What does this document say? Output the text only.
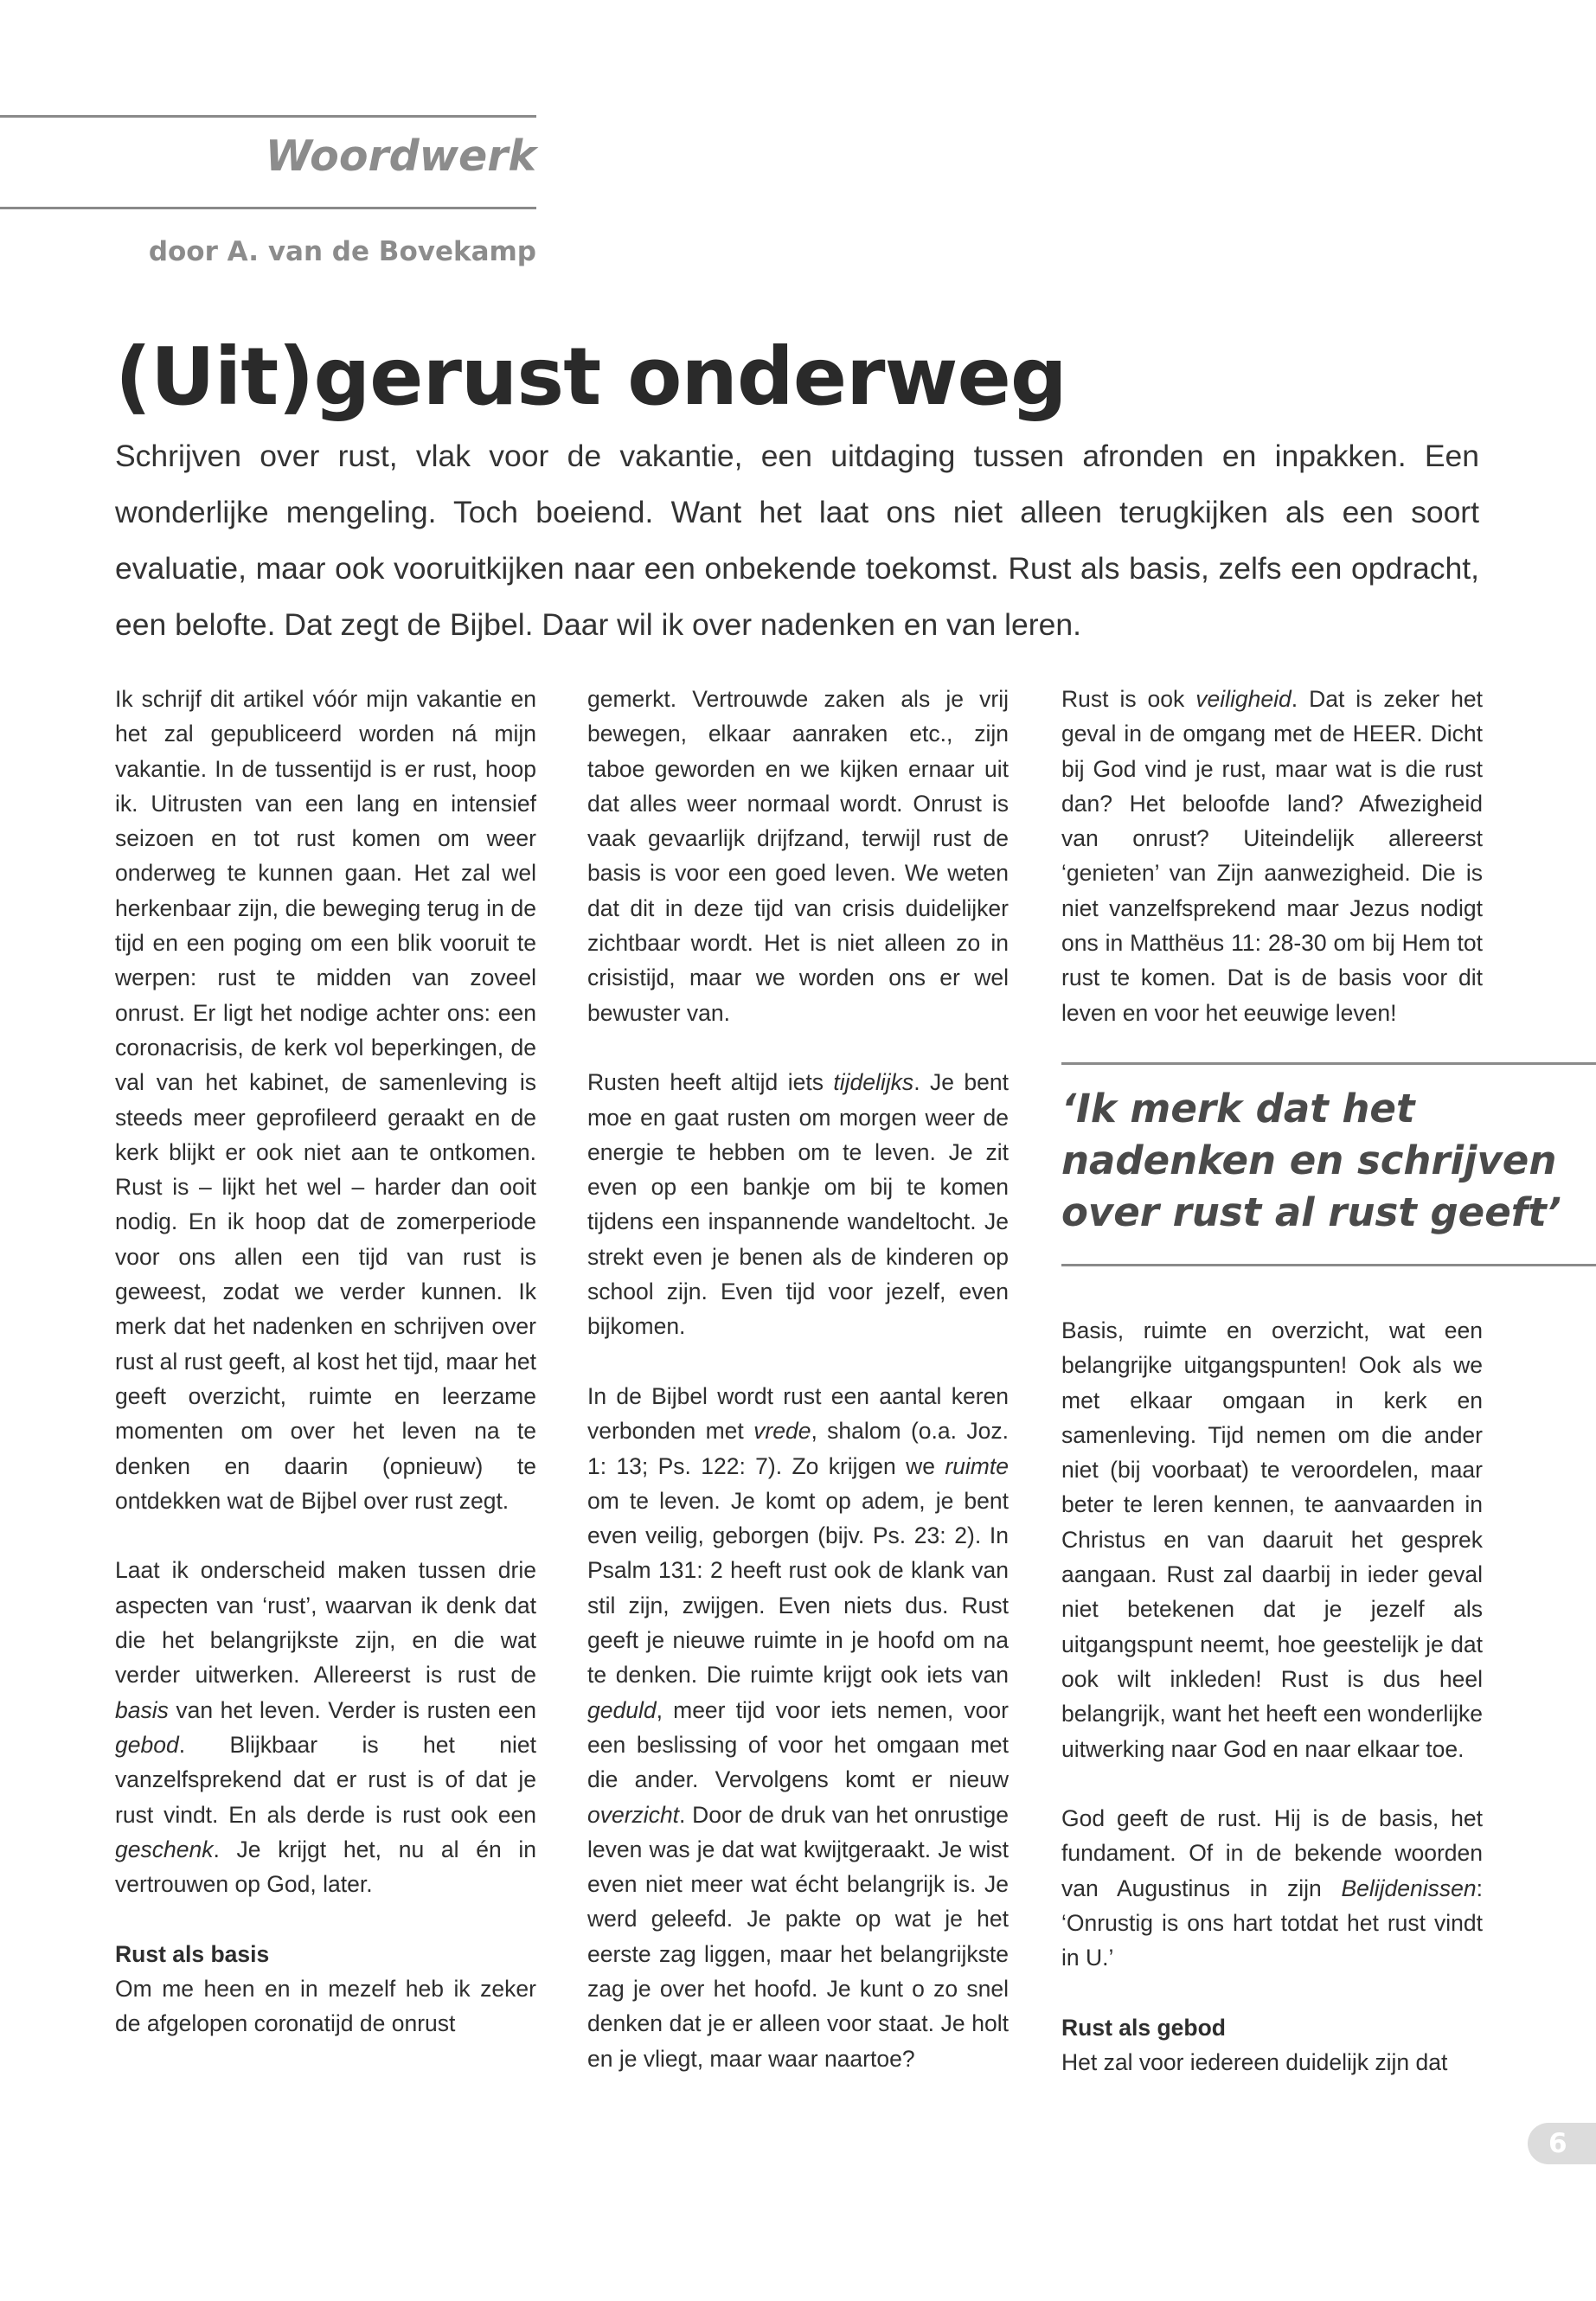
Woordwerk
door A. van de Bovekamp
(Uit)gerust onderweg

Schrijven over rust, vlak voor de vakantie, een uitdaging tussen afronden en inpakken. Een wonderlijke mengeling. Toch boeiend. Want het laat ons niet alleen terugkijken als een soort evaluatie, maar ook vooruitkijken naar een onbekende toekomst. Rust als basis, zelfs een opdracht, een belofte. Dat zegt de Bijbel. Daar wil ik over nadenken en van leren.

Ik schrijf dit artikel vóór mijn vakantie en het zal gepubliceerd worden ná mijn vakantie. In de tussentijd is er rust, hoop ik. Uitrusten van een lang en intensief seizoen en tot rust komen om weer onderweg te kunnen gaan. Het zal wel herkenbaar zijn, die beweging terug in de tijd en een poging om een blik vooruit te werpen: rust te midden van zoveel onrust. Er ligt het nodige achter ons: een coronacrisis, de kerk vol beperkingen, de val van het kabinet, de samenleving is steeds meer geprofileerd geraakt en de kerk blijkt er ook niet aan te ontkomen. Rust is – lijkt het wel – harder dan ooit nodig. En ik hoop dat de zomerperiode voor ons allen een tijd van rust is geweest, zodat we verder kunnen. Ik merk dat het nadenken en schrijven over rust al rust geeft, al kost het tijd, maar het geeft overzicht, ruimte en leerzame momenten om over het leven na te denken en daarin (opnieuw) te ontdekken wat de Bijbel over rust zegt.

Laat ik onderscheid maken tussen drie aspecten van ‘rust’, waarvan ik denk dat die het belangrijkste zijn, en die wat verder uitwerken. Allereerst is rust de basis van het leven. Verder is rusten een gebod. Blijkbaar is het niet vanzelfsprekend dat er rust is of dat je rust vindt. En als derde is rust ook een geschenk. Je krijgt het, nu al én in vertrouwen op God, later.

Rust als basis

Om me heen en in mezelf heb ik zeker de afgelopen coronatijd de onrust

gemerkt. Vertrouwde zaken als je vrij bewegen, elkaar aanraken etc., zijn taboe geworden en we kijken ernaar uit dat alles weer normaal wordt. Onrust is vaak gevaarlijk drijfzand, terwijl rust de basis is voor een goed leven. We weten dat dit in deze tijd van crisis duidelijker zichtbaar wordt. Het is niet alleen zo in crisistijd, maar we worden ons er wel bewuster van.

Rusten heeft altijd iets tijdelijks. Je bent moe en gaat rusten om morgen weer de energie te hebben om te leven. Je zit even op een bankje om bij te komen tijdens een inspannende wandeltocht. Je strekt even je benen als de kinderen op school zijn. Even tijd voor jezelf, even bijkomen.

In de Bijbel wordt rust een aantal keren verbonden met vrede, shalom (o.a. Joz. 1: 13; Ps. 122: 7). Zo krijgen we ruimte om te leven. Je komt op adem, je bent even veilig, geborgen (bijv. Ps. 23: 2). In Psalm 131: 2 heeft rust ook de klank van stil zijn, zwijgen. Even niets dus. Rust geeft je nieuwe ruimte in je hoofd om na te denken. Die ruimte krijgt ook iets van geduld, meer tijd voor iets nemen, voor een beslissing of voor het omgaan met die ander. Vervolgens komt er nieuw overzicht. Door de druk van het onrustige leven was je dat wat kwijtgeraakt. Je wist even niet meer wat écht belangrijk is. Je werd geleefd. Je pakte op wat je het eerste zag liggen, maar het belangrijkste zag je over het hoofd. Je kunt o zo snel denken dat je er alleen voor staat. Je holt en je vliegt, maar waar naartoe?

Rust is ook veiligheid. Dat is zeker het geval in de omgang met de HEER. Dicht bij God vind je rust, maar wat is die rust dan? Het beloofde land? Afwezigheid van onrust? Uiteindelijk allereerst ‘genieten’ van Zijn aanwezigheid. Die is niet vanzelfsprekend maar Jezus nodigt ons in Matthëus 11: 28-30 om bij Hem tot rust te komen. Dat is de basis voor dit leven en voor het eeuwige leven!

‘Ik merk dat het nadenken en schrijven over rust al rust geeft’

Basis, ruimte en overzicht, wat een belangrijke uitgangspunten! Ook als we met elkaar omgaan in kerk en samenleving. Tijd nemen om die ander niet (bij voorbaat) te veroordelen, maar beter te leren kennen, te aanvaarden in Christus en van daaruit het gesprek aangaan. Rust zal daarbij in ieder geval niet betekenen dat je jezelf als uitgangspunt neemt, hoe geestelijk je dat ook wilt inkleden! Rust is dus heel belangrijk, want het heeft een wonderlijke uitwerking naar God en naar elkaar toe.

God geeft de rust. Hij is de basis, het fundament. Of in de bekende woorden van Augustinus in zijn Belijdenissen: ‘Onrustig is ons hart totdat het rust vindt in U.’

Rust als gebod

Het zal voor iedereen duidelijk zijn dat

6
